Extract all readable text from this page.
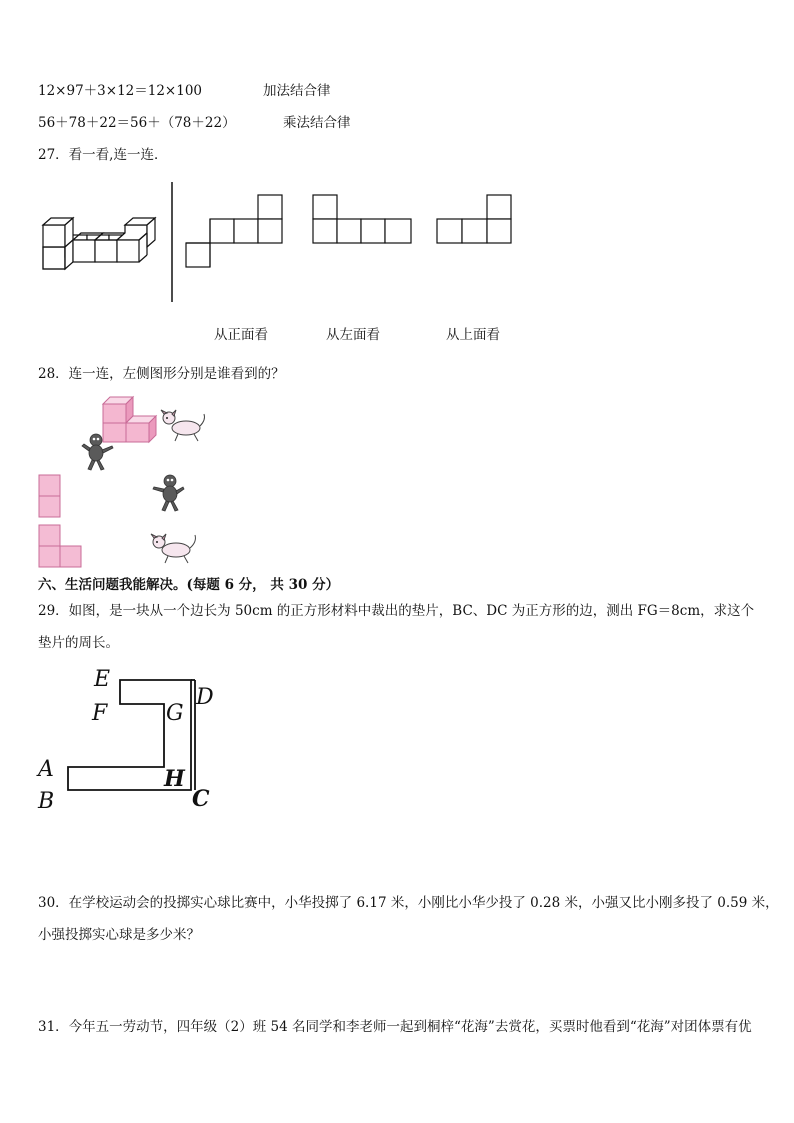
12×97＋3×12＝12×100	加法结合律
56＋78＋22＝56＋（78＋22）	乘法结合律
27．看一看,连一连．
从正面看	从左面看	从上面看
28．连一连，左侧图形分别是谁看到的？
六、生活问题我能解决。(每题 6 分， 共 30 分）
29．如图，是一块从一个边长为 50cm 的正方形材料中裁出的垫片，BC、DC 为正方形的边，测出 FG＝8cm，求这个
垫片的周长。
E
F	G
D
A
B
H
C
30．在学校运动会的投掷实心球比赛中，小华投掷了 6.17 米，小刚比小华少投了 0.28 米，小强又比小刚多投了 0.59 米，
小强投掷实心球是多少米？
31．今年五一劳动节，四年级（2）班 54 名同学和李老师一起到桐梓“花海”去赏花，买票时他看到“花海”对团体票有优
